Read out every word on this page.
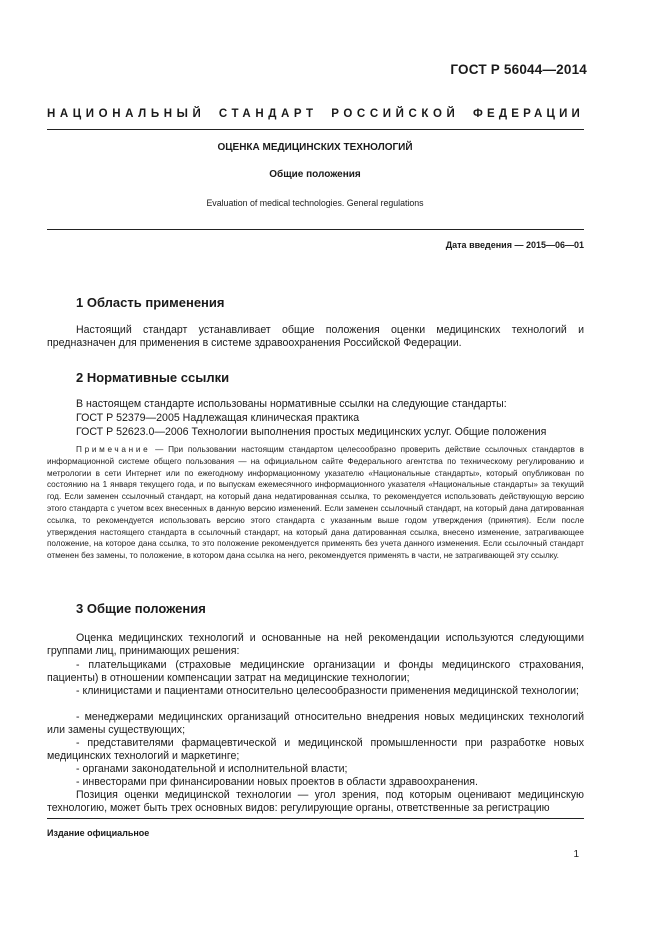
ГОСТ Р 56044—2014
НАЦИОНАЛЬНЫЙ СТАНДАРТ РОССИЙСКОЙ ФЕДЕРАЦИИ
ОЦЕНКА МЕДИЦИНСКИХ ТЕХНОЛОГИЙ
Общие положения
Evaluation of medical technologies. General regulations
Дата введения — 2015—06—01
1 Область применения
Настоящий стандарт устанавливает общие положения оценки медицинских технологий и предназначен для применения в системе здравоохранения Российской Федерации.
2 Нормативные ссылки
В настоящем стандарте использованы нормативные ссылки на следующие стандарты:
ГОСТ Р 52379—2005 Надлежащая клиническая практика
ГОСТ Р 52623.0—2006 Технологии выполнения простых медицинских услуг. Общие положения
Примечание — При пользовании настоящим стандартом целесообразно проверить действие ссылочных стандартов в информационной системе общего пользования — на официальном сайте Федерального агентства по техническому регулированию и метрологии в сети Интернет или по ежегодному информационному указателю «Национальные стандарты», который опубликован по состоянию на 1 января текущего года, и по выпускам ежемесячного информационного указателя «Национальные стандарты» за текущий год. Если заменен ссылочный стандарт, на который дана недатированная ссылка, то рекомендуется использовать действующую версию этого стандарта с учетом всех внесенных в данную версию изменений. Если заменен ссылочный стандарт, на который дана датированная ссылка, то рекомендуется использовать версию этого стандарта с указанным выше годом утверждения (принятия). Если после утверждения настоящего стандарта в ссылочный стандарт, на который дана датированная ссылка, внесено изменение, затрагивающее положение, на которое дана ссылка, то это положение рекомендуется применять без учета данного изменения. Если ссылочный стандарт отменен без замены, то положение, в котором дана ссылка на него, рекомендуется применять в части, не затрагивающей эту ссылку.
3 Общие положения
Оценка медицинских технологий и основанные на ней рекомендации используются следующими группами лиц, принимающих решения:
- плательщиками (страховые медицинские организации и фонды медицинского страхования, пациенты) в отношении компенсации затрат на медицинские технологии;
- клиницистами и пациентами относительно целесообразности применения медицинской технологии;
- менеджерами медицинских организаций относительно внедрения новых медицинских технологий или замены существующих;
- представителями фармацевтической и медицинской промышленности при разработке новых медицинских технологий и маркетинге;
- органами законодательной и исполнительной власти;
- инвесторами при финансировании новых проектов в области здравоохранения.
Позиция оценки медицинской технологии — угол зрения, под которым оценивают медицинскую технологию, может быть трех основных видов: регулирующие органы, ответственные за регистрацию
Издание официальное
1
